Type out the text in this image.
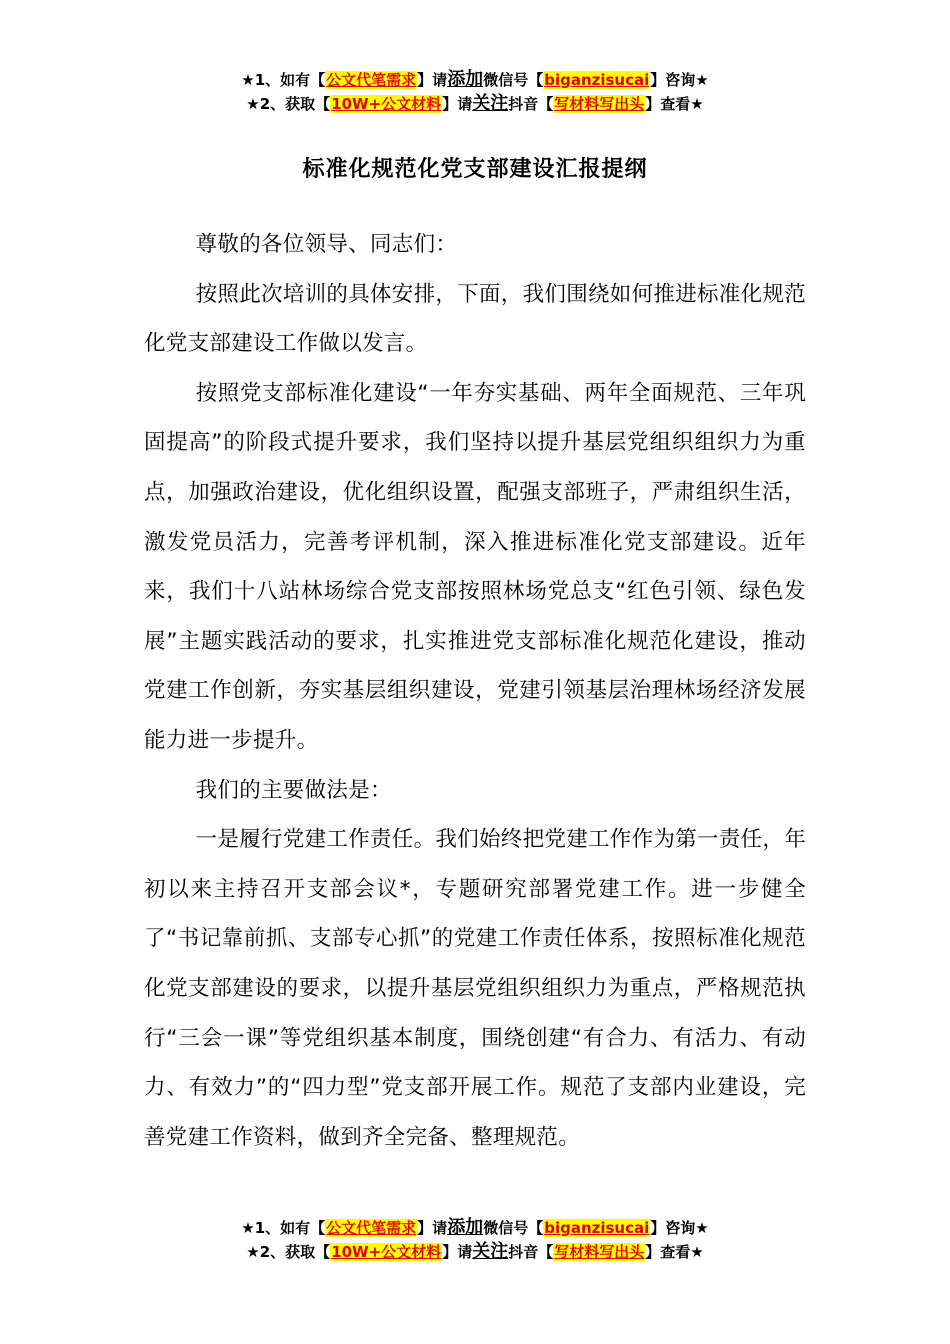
★1、如有【公文代笔需求】请添加微信号【biganzisucai】咨询★
★2、获取【10W+公文材料】请关注抖音【写材料写出头】查看★
标准化规范化党支部建设汇报提纲

尊敬的各位领导、同志们：

按照此次培训的具体安排，下面，我们围绕如何推进标准化规范化党支部建设工作做以发言。

按照党支部标准化建设“一年夯实基础、两年全面规范、三年巩固提高”的阶段式提升要求，我们坚持以提升基层党组织组织力为重点，加强政治建设，优化组织设置，配强支部班子，严肃组织生活，激发党员活力，完善考评机制，深入推进标准化党支部建设。近年来，我们十八站林场综合党支部按照林场党总支“红色引领、绿色发展”主题实践活动的要求，扎实推进党支部标准化规范化建设，推动党建工作创新，夯实基层组织建设，党建引领基层治理林场经济发展能力进一步提升。

我们的主要做法是：

一是履行党建工作责任。我们始终把党建工作作为第一责任，年初以来主持召开支部会议*，专题研究部署党建工作。进一步健全了“书记靠前抓、支部专心抓”的党建工作责任体系，按照标准化规范化党支部建设的要求，以提升基层党组织组织力为重点，严格规范执行“三会一课”等党组织基本制度，围绕创建“有合力、有活力、有动力、有效力”的“四力型”党支部开展工作。规范了支部内业建设，完善党建工作资料，做到齐全完备、整理规范。

★1、如有【公文代笔需求】请添加微信号【biganzisucai】咨询★
★2、获取【10W+公文材料】请关注抖音【写材料写出头】查看★
